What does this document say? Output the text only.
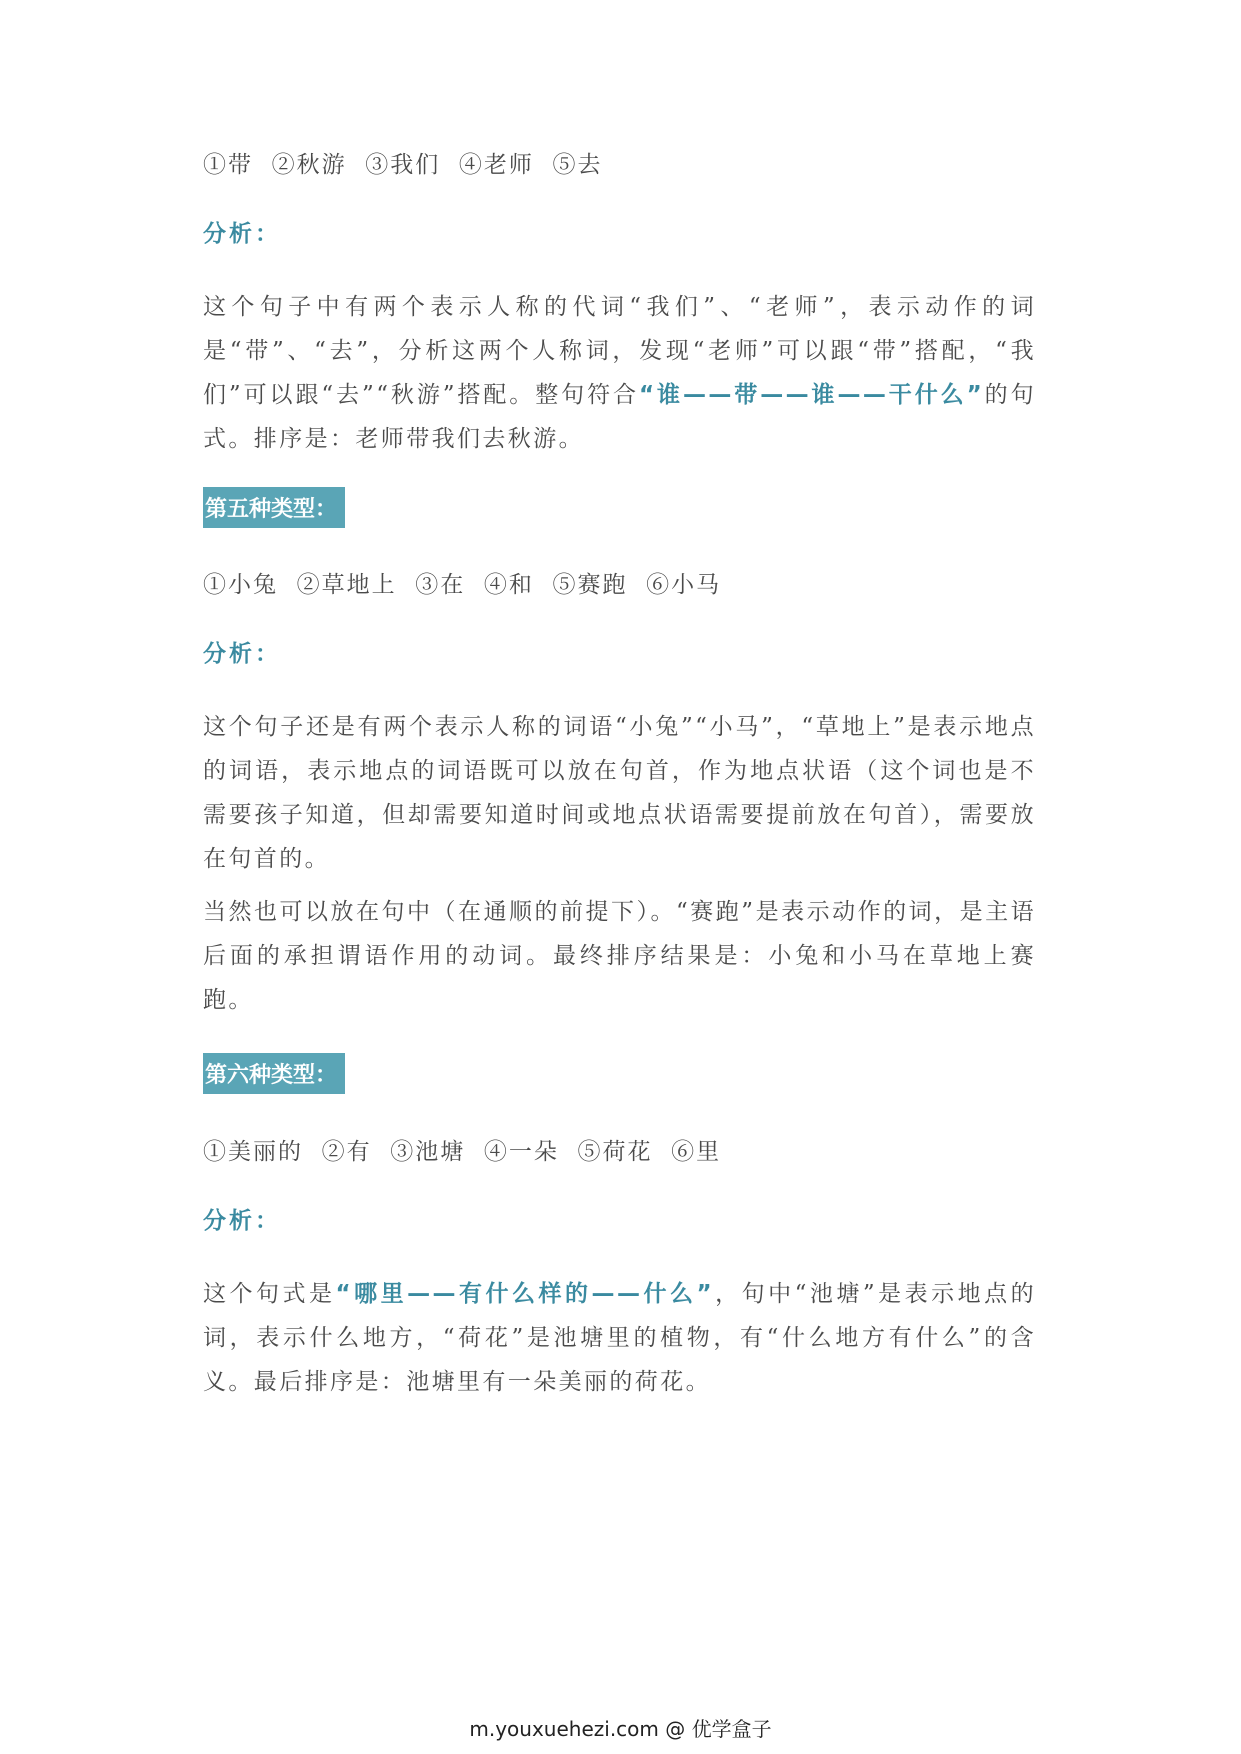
①带  ②秋游  ③我们  ④老师  ⑤去
分析：
这个句子中有两个表示人称的代词“我们”、“老师”，表示动作的词是“带”、“去”，分析这两个人称词，发现“老师”可以跟“带”搭配，“我们”可以跟“去”“秋游”搭配。整句符合“谁——带——谁——干什么”的句式。排序是：老师带我们去秋游。
第五种类型：
①小兔  ②草地上  ③在  ④和  ⑤赛跑  ⑥小马
分析：
这个句子还是有两个表示人称的词语“小兔”“小马”，“草地上”是表示地点的词语，表示地点的词语既可以放在句首，作为地点状语（这个词也是不需要孩子知道，但却需要知道时间或地点状语需要提前放在句首），需要放在句首的。
当然也可以放在句中（在通顺的前提下）。“赛跑”是表示动作的词，是主语后面的承担谓语作用的动词。最终排序结果是：小兔和小马在草地上赛跑。
第六种类型：
①美丽的  ②有  ③池塘  ④一朵  ⑤荷花  ⑥里
分析：
这个句式是“哪里——有什么样的——什么”，句中“池塘”是表示地点的词，表示什么地方，“荷花”是池塘里的植物，有“什么地方有什么”的含义。最后排序是：池塘里有一朵美丽的荷花。
m.youxuehezi.com @ 优学盒子
